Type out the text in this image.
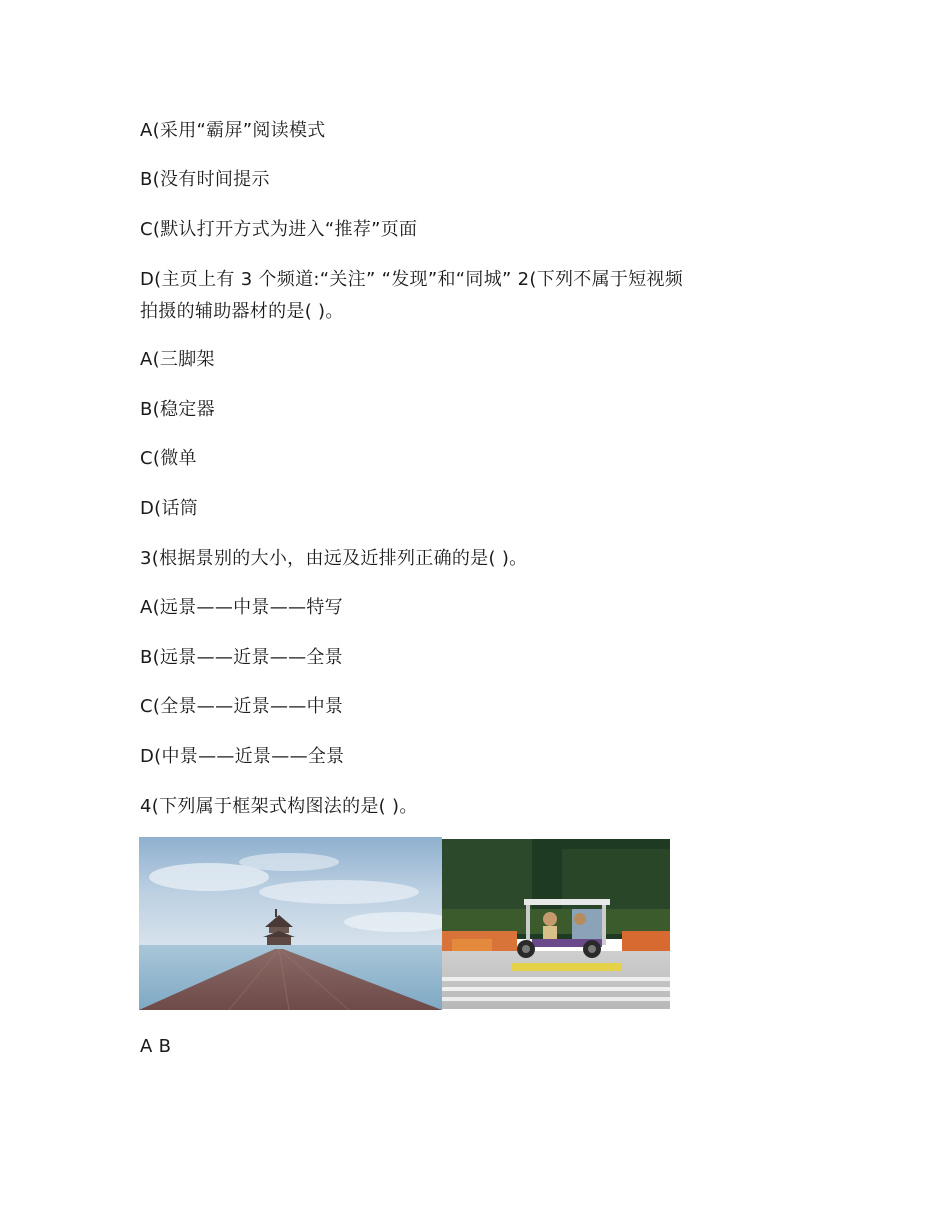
A(采用“霸屏”阅读模式
B(没有时间提示
C(默认打开方式为进入“推荐”页面
D(主页上有 3 个频道:“关注” “发现”和“同城” 2(下列不属于短视频
拍摄的辅助器材的是( )。
A(三脚架
B(稳定器
C(微单
D(话筒
3(根据景别的大小，由远及近排列正确的是( )。
A(远景——中景——特写
B(远景——近景——全景
C(全景——近景——中景
D(中景——近景——全景
4(下列属于框架式构图法的是( )。
A B
